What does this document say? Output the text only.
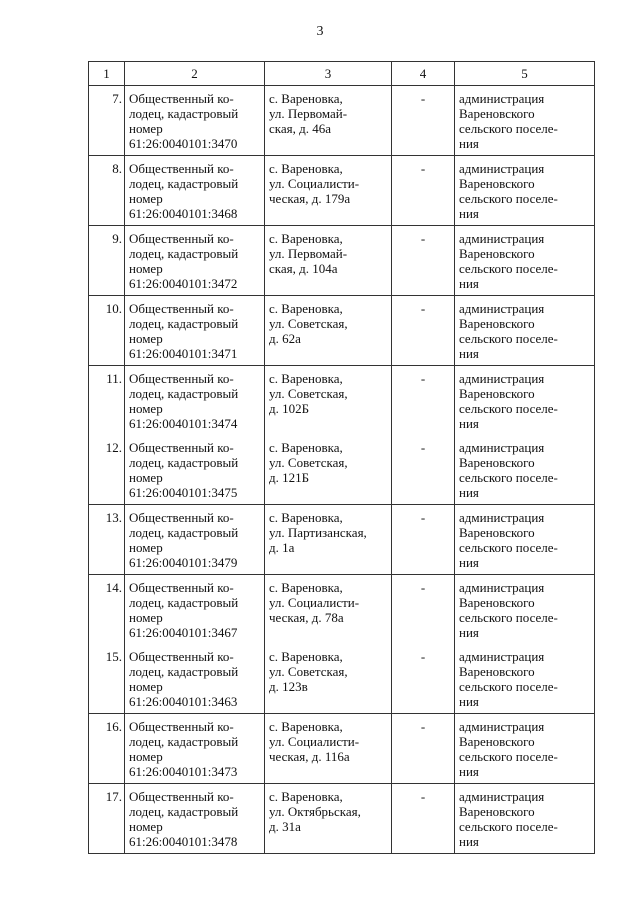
3
1	2	3	4	5
7.	Общественный ко-
лодец, кадастровый
номер
61:26:0040101:3470	с. Вареновка,
ул. Первомай-
ская, д. 46а	-	администрация
Вареновского
сельского поселе-
ния

8.	Общественный ко-
лодец, кадастровый
номер
61:26:0040101:3468	с. Вареновка,
ул. Социалисти-
ческая, д. 179а	-	администрация
Вареновского
сельского поселе-
ния

9.	Общественный ко-
лодец, кадастровый
номер
61:26:0040101:3472	с. Вареновка,
ул. Первомай-
ская, д. 104а	-	администрация
Вареновского
сельского поселе-
ния

10.	Общественный ко-
лодец, кадастровый
номер
61:26:0040101:3471	с. Вареновка,
ул. Советская,
д. 62а	-	администрация
Вареновского
сельского поселе-
ния

11.	Общественный ко-
лодец, кадастровый
номер
61:26:0040101:3474	с. Вареновка,
ул. Советская,
д. 102Б	-	администрация
Вареновского
сельского поселе-
ния

12.	Общественный ко-
лодец, кадастровый
номер
61:26:0040101:3475	с. Вареновка,
ул. Советская,
д. 121Б	-	администрация
Вареновского
сельского поселе-
ния

13.	Общественный ко-
лодец, кадастровый
номер
61:26:0040101:3479	с. Вареновка,
ул. Партизанская,
д. 1а	-	администрация
Вареновского
сельского поселе-
ния

14.	Общественный ко-
лодец, кадастровый
номер
61:26:0040101:3467	с. Вареновка,
ул. Социалисти-
ческая, д. 78а	-	администрация
Вареновского
сельского поселе-
ния

15.	Общественный ко-
лодец, кадастровый
номер
61:26:0040101:3463	с. Вареновка,
ул. Советская,
д. 123в	-	администрация
Вареновского
сельского поселе-
ния

16.	Общественный ко-
лодец, кадастровый
номер
61:26:0040101:3473	с. Вареновка,
ул. Социалисти-
ческая, д. 116а	-	администрация
Вареновского
сельского поселе-
ния

17.	Общественный ко-
лодец, кадастровый
номер
61:26:0040101:3478	с. Вареновка,
ул. Октябрьская,
д. 31а	-	администрация
Вареновского
сельского поселе-
ния
